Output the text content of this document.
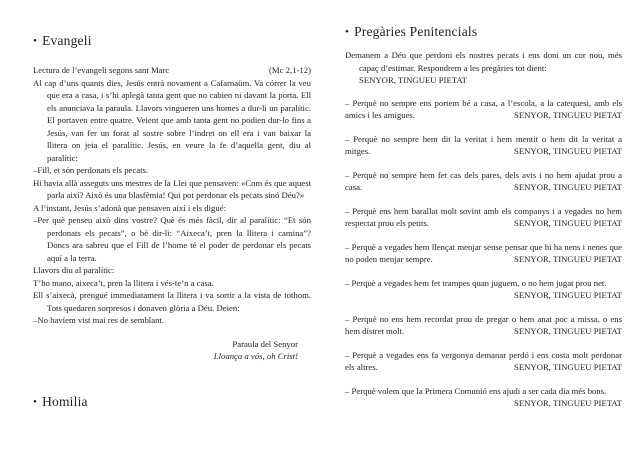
• Evangeli
Lectura de l’evangeli segons sant Marc	(Mc 2,1-12)

Al cap d’uns quants dies, Jesús entrà novament a Cafarnaüm. Va córrer la veu que era a casa, i s’hi aplegà tanta gent que no cabien ni davant la porta. Ell els anunciava la paraula. Llavors vingueren uns homes a dur-li un paralític. El portaven entre quatre. Veient que amb tanta gent no podien dur-lo fins a Jesús, van fer un forat al sostre sobre l’indret on ell era i van baixar la llitera on jeia el paralític. Jesús, en veure la fe d’aquella gent, diu al paralític:

–Fill, et són perdonats els pecats.

Hi havia allà asseguts uns mestres de la Llei que pensaven: «Com és que aquest parla així? Això és una blasfèmia! Qui pot perdonar els pecats sinó Déu?»

A l’instant, Jesús s’adonà que pensaven així i els digué:

–Per què penseu això dins vostre? Què és més fàcil, dir al paralític: “Et són perdonats els pecats”, o bé dir-li: “Aixeca’t, pren la llitera i camina”? Doncs ara sabreu que el Fill de l’home té el poder de perdonar els pecats aquí a la terra.

Llavors diu al paralític:

T’ho mano, aixeca’t, pren la llitera i vés-te’n a casa.

Ell s’aixecà, prengué immediatament la llitera i va sortir a la vista de tothom. Tots quedaren sorpresos i donaven glòria a Déu. Deien:

–No havíem vist mai res de semblant.

Paraula del Senyor
Lloança a vós, oh Crist!
• Homilia
• Pregàries Penitencials

Demanem a Déu que perdoni els nostres pecats i ens doni un cor nou, més capaç d’estimar. Respondrem a les pregàries tot dient:

SENYOR, TINGUEU PIETAT

– Perquè no sempre ens portem bé a casa, a l’escola, a la catequesi, amb els amics i les amigues.	SENYOR, TINGUEU PIETAT

– Perquè no sempre hem dit la veritat i hem mentit o hem dit la veritat a mitges.	SENYOR, TINGUEU PIETAT

– Perquè no sempre hem fet cas dels pares, dels avis i no hem ajudat prou a casa.	SENYOR, TINGUEU PIETAT

– Perquè ens hem barallat molt sovint amb els companys i a vegades no hem respectat prou els petits.	SENYOR, TINGUEU PIETAT

– Perquè a vegades hem llençat menjar sense pensar que hi ha nens i nenes que no poden menjar sempre.	SENYOR, TINGUEU PIETAT

– Perquè a vegades hem fet trampes quan juguem, o no hem jugat prou net.
SENYOR, TINGUEU PIETAT

– Perquè no ens hem recordat prou de pregar o hem anat poc a missa, o ens hem distret molt.	SENYOR, TINGUEU PIETAT

– Perquè a vegades ens fa vergonya demanar perdó i ens costa molt perdonar els altres.	SENYOR, TINGUEU PIETAT

– Perquè volem que la Primera Comunió ens ajudi a ser cada dia més bons.
SENYOR, TINGUEU PIETAT
